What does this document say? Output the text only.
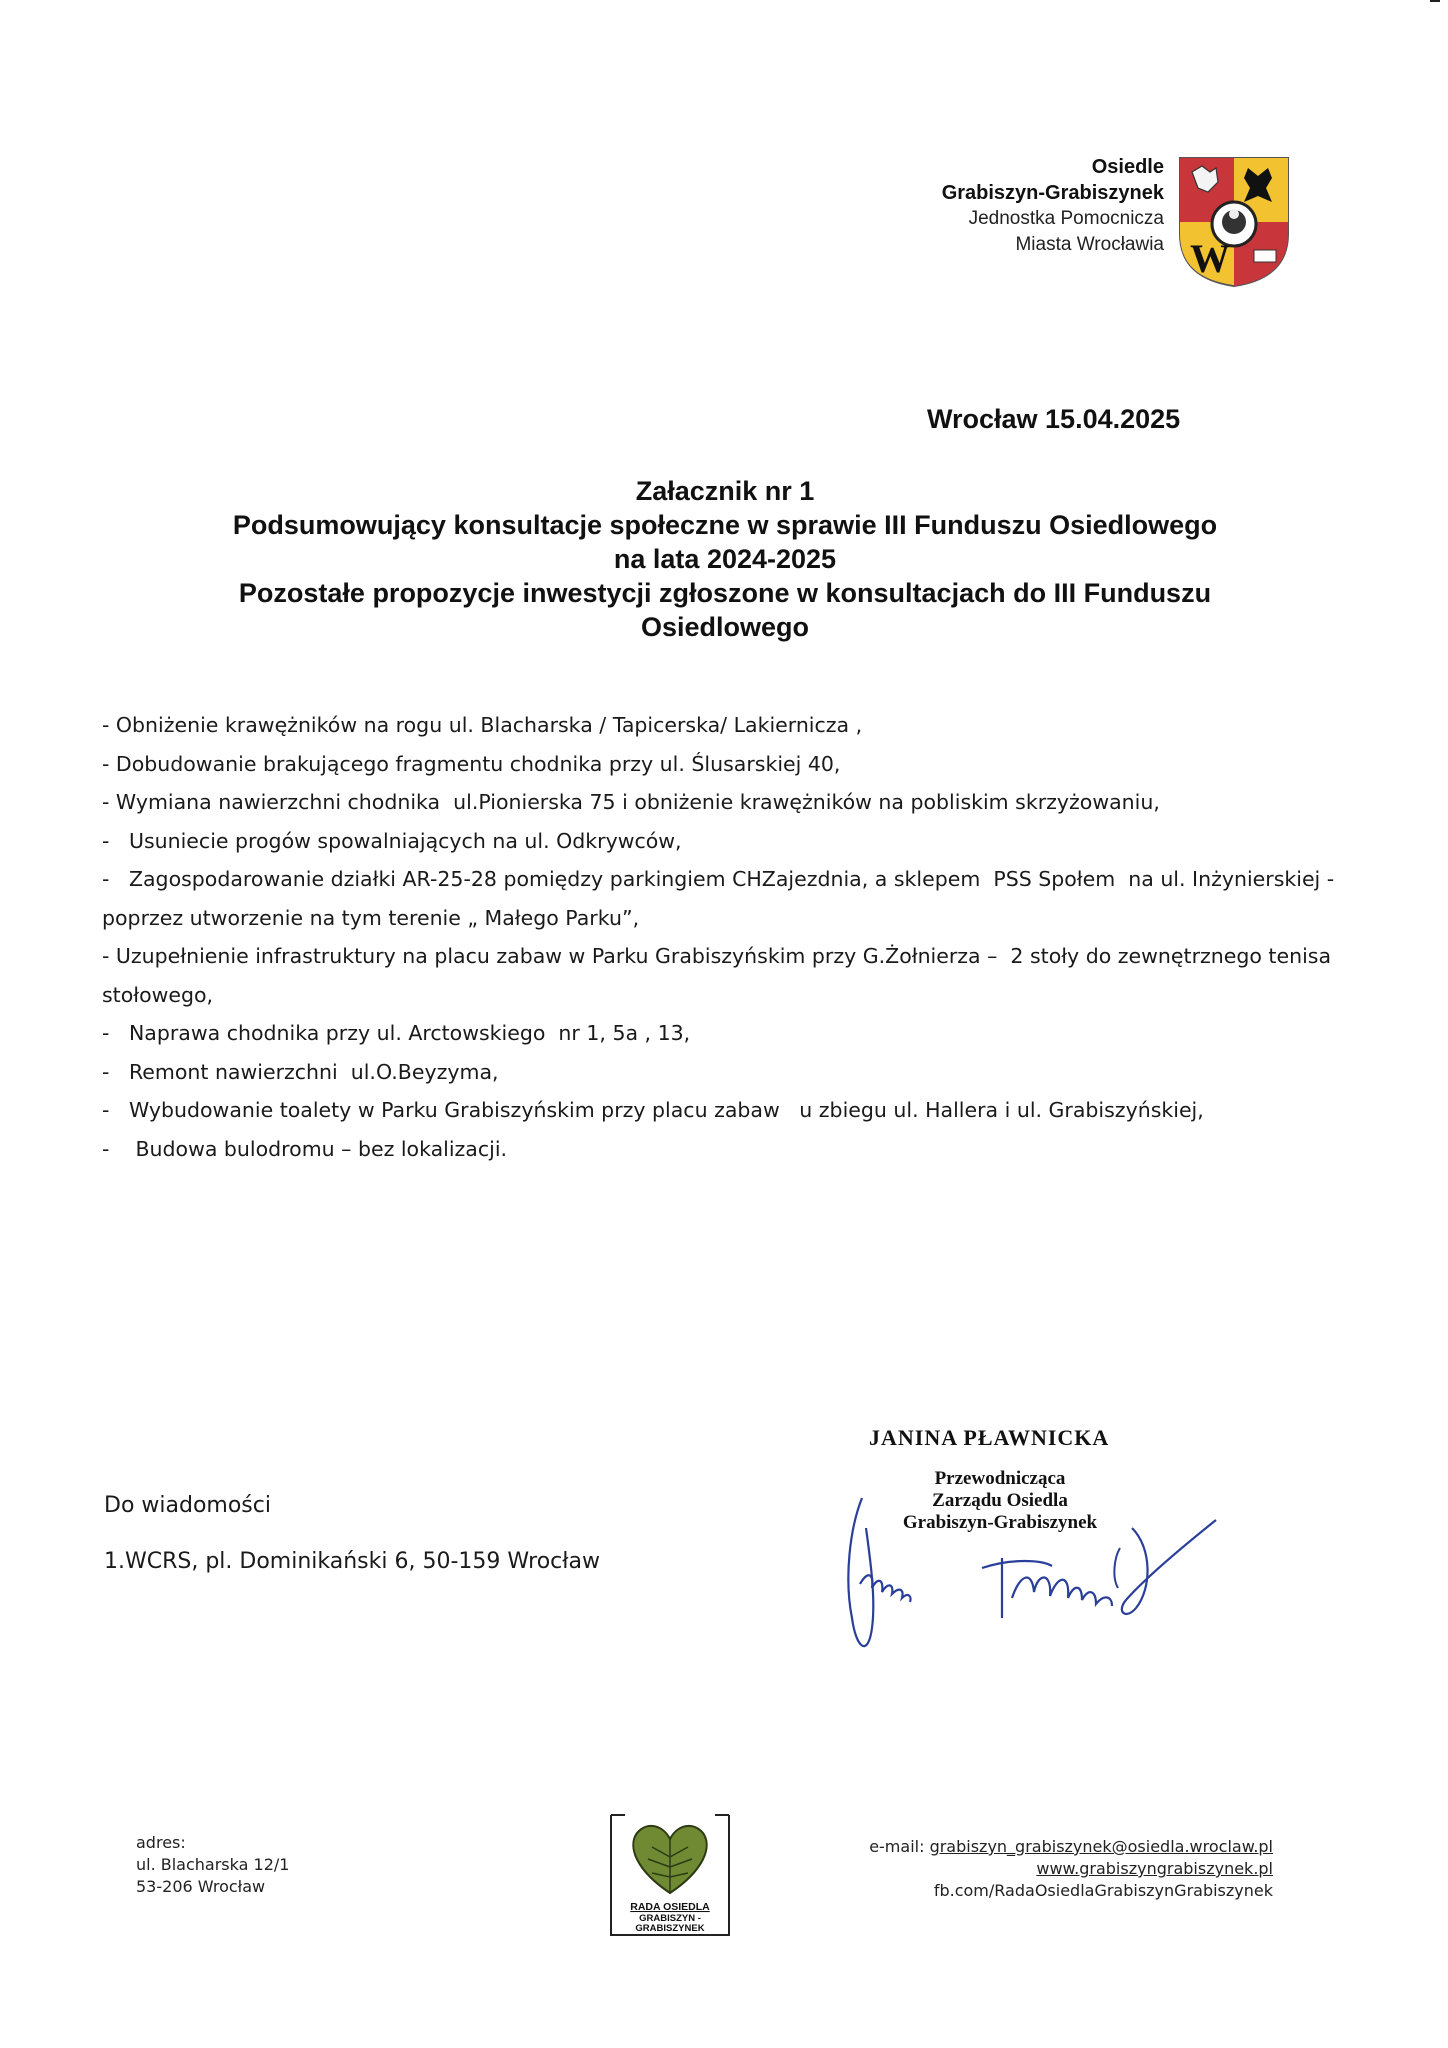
Osiedle
Grabiszyn-Grabiszynek
Jednostka Pomocnicza
Miasta Wrocławia W
Wrocław 15.04.2025
Załacznik nr 1
Podsumowujący konsultacje społeczne w sprawie III Funduszu Osiedlowego
na lata 2024-2025
Pozostałe propozycje inwestycji zgłoszone w konsultacjach do III Funduszu
Osiedlowego
- Obniżenie krawężników na rogu ul. Blacharska / Tapicerska/ Lakiernicza ,
- Dobudowanie brakującego fragmentu chodnika przy ul. Ślusarskiej 40,
- Wymiana nawierzchni chodnika  ul.Pionierska 75 i obniżenie krawężników na pobliskim skrzyżowaniu,
-   Usuniecie progów spowalniających na ul. Odkrywców,
-   Zagospodarowanie działki AR-25-28 pomiędzy parkingiem CHZajezdnia, a sklepem  PSS Społem  na ul. Inżynierskiej -  poprzez utworzenie na tym terenie „ Małego Parku”,
- Uzupełnienie infrastruktury na placu zabaw w Parku Grabiszyńskim przy G.Żołnierza –  2 stoły do zewnętrznego tenisa stołowego,
-   Naprawa chodnika przy ul. Arctowskiego  nr 1, 5a , 13,
-   Remont nawierzchni  ul.O.Beyzyma,
-   Wybudowanie toalety w Parku Grabiszyńskim przy placu zabaw   u zbiegu ul. Hallera i ul. Grabiszyńskiej,
-    Budowa bulodromu – bez lokalizacji.
JANINA PŁAWNICKA
Przewodnicząca
Zarządu Osiedla
Grabiszyn-Grabiszynek
Do wiadomości
1.WCRS, pl. Dominikański 6, 50-159 Wrocław
adres:
ul. Blacharska 12/1
53-206 Wrocław
RADA OSIEDLA
GRABISZYN -
GRABISZYNEK
e-mail: grabiszyn_grabiszynek@osiedla.wroclaw.pl
www.grabiszyngrabiszynek.pl
fb.com/RadaOsiedlaGrabiszynGrabiszynek
